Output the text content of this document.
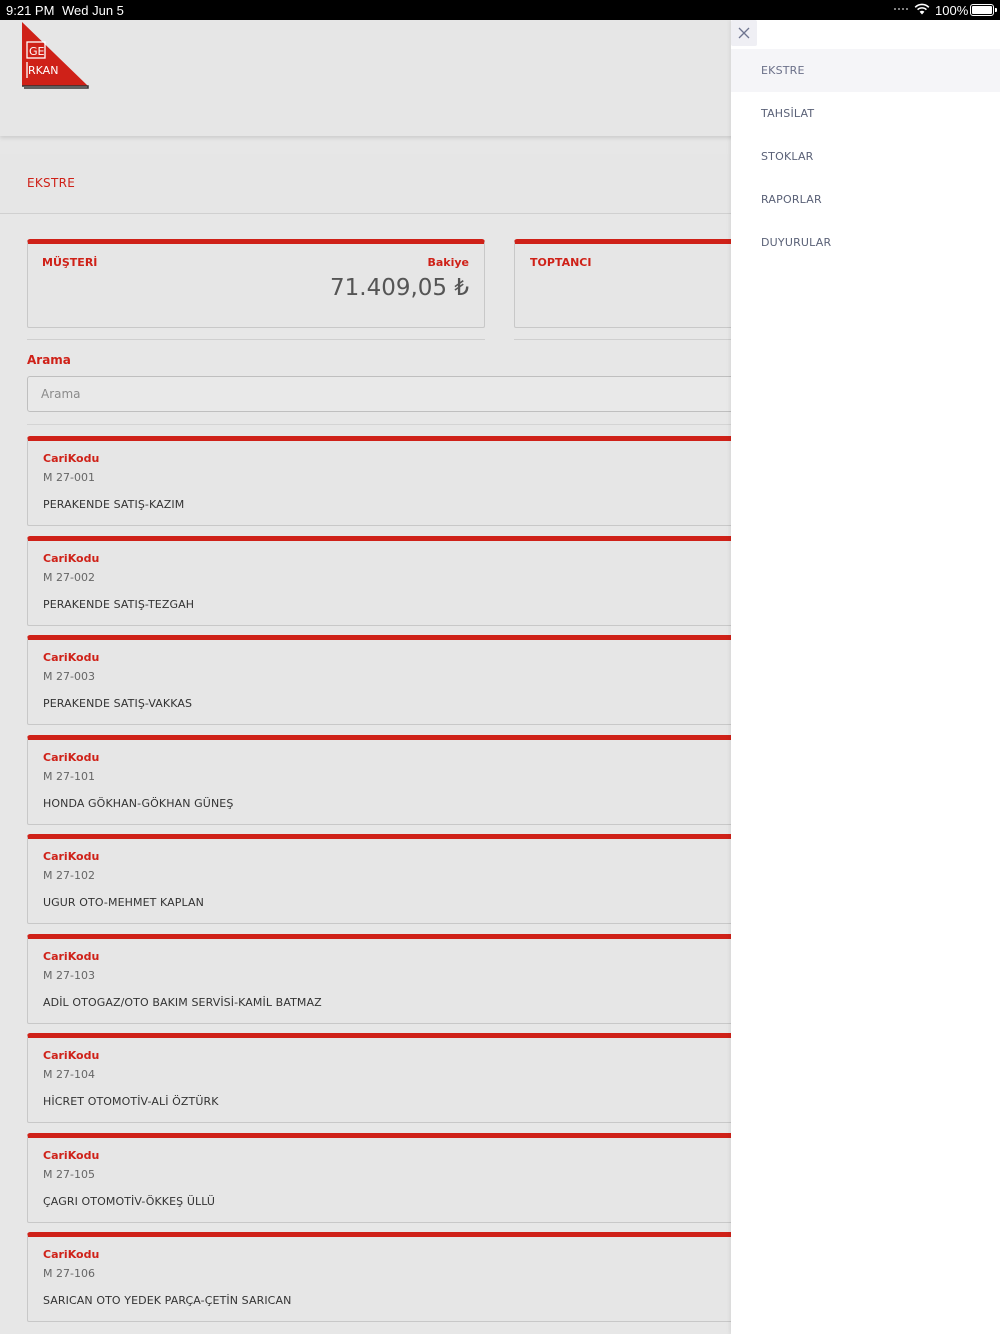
9:21 PM Wed Jun 5	100%
GE
RKAN
EKSTRE
MÜŞTERİ	Bakiye
71.409,05 ₺
TOPTANCI
Arama
Arama
CariKodu
M 27-001
PERAKENDE SATIŞ-KAZIM
CariKodu
M 27-002
PERAKENDE SATIŞ-TEZGAH
CariKodu
M 27-003
PERAKENDE SATIŞ-VAKKAS
CariKodu
M 27-101
HONDA GÖKHAN-GÖKHAN GÜNEŞ
CariKodu
M 27-102
UGUR OTO-MEHMET KAPLAN
CariKodu
M 27-103
ADİL OTOGAZ/OTO BAKIM SERVİSİ-KAMİL BATMAZ
CariKodu
M 27-104
HİCRET OTOMOTİV-ALİ ÖZTÜRK
CariKodu
M 27-105
ÇAGRI OTOMOTİV-ÖKKEŞ ÜLLÜ
CariKodu
M 27-106
SARICAN OTO YEDEK PARÇA-ÇETİN SARICAN
EKSTRE
TAHSİLAT
STOKLAR
RAPORLAR
DUYURULAR
